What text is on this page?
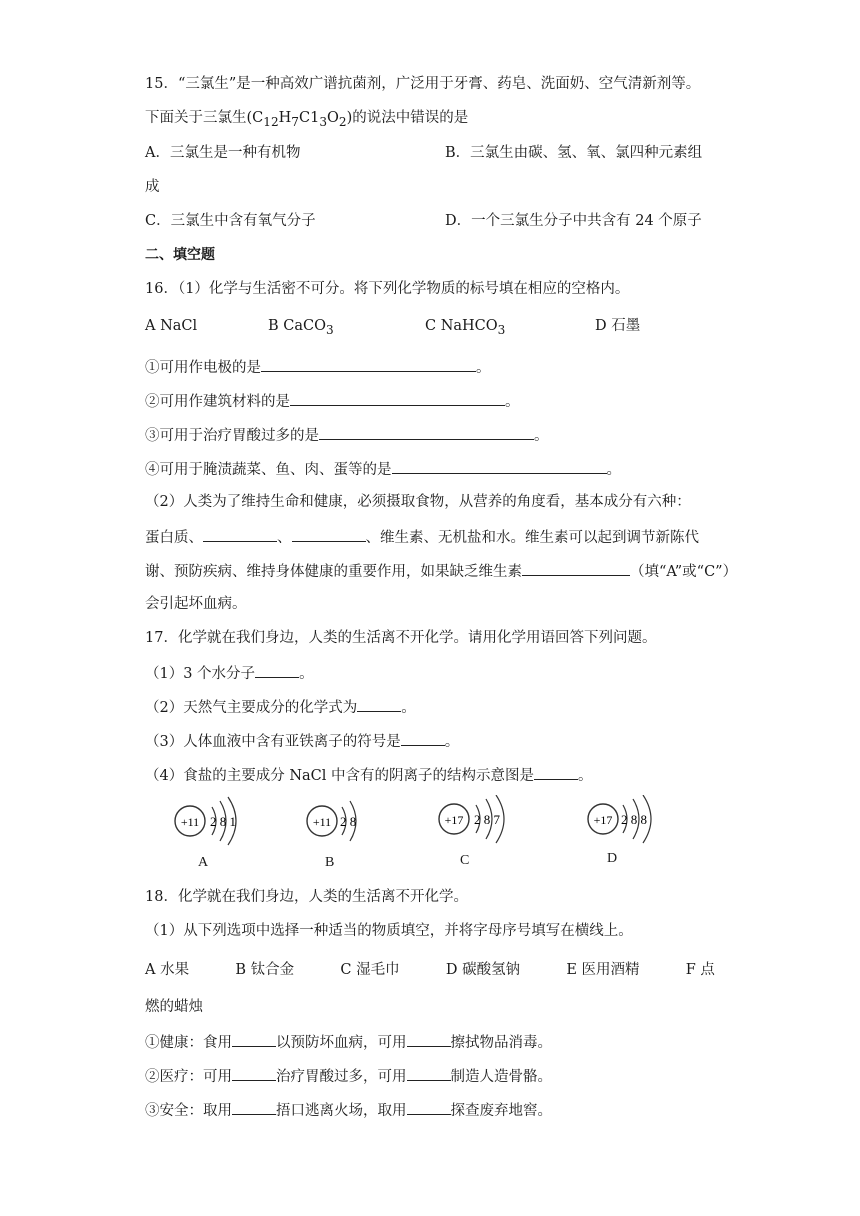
15．“三氯生”是一种高效广谱抗菌剂，广泛用于牙膏、药皂、洗面奶、空气清新剂等。
下面关于三氯生$(C_{12}H_7C1_3O_2)$的说法中错误的是
A．三氯生是一种有机物	B．三氯生由碳、氢、氧、氯四种元素组
成
C．三氯生中含有氧气分子	D．一个三氯生分子中共含有 24 个原子
二、填空题
16．（1）化学与生活密不可分。将下列化学物质的标号填在相应的空格内。
A NaCl	B CaCO$_3$	C NaHCO$_3$	D 石墨
①可用作电极的是	。
②可用作建筑材料的是	。
③可用于治疗胃酸过多的是	。
④可用于腌渍蔬菜、鱼、肉、蛋等的是	。
（2）人类为了维持生命和健康，必须摄取食物，从营养的角度看，基本成分有六种：
蛋白质、	、	、维生素、无机盐和水。维生素可以起到调节新陈代
谢、预防疾病、维持身体健康的重要作用，如果缺乏维生素	（填“A”或“C”）
会引起坏血病。
17．化学就在我们身边，人类的生活离不开化学。请用化学用语回答下列问题。
（1）3 个水分子	。
（2）天然气主要成分的化学式为	。
（3）人体血液中含有亚铁离子的符号是	。
（4）食盐的主要成分 NaCl 中含有的阴离子的结构示意图是	。
+11 2 8 1
A
+11 2 8
B
+17 2 8 7
C
+17 2 8 8
D
18．化学就在我们身边，人类的生活离不开化学。
（1）从下列选项中选择一种适当的物质填空，并将字母序号填写在横线上。
A 水果	B 钛合金	C 湿毛巾	D 碳酸氢钠	E 医用酒精	F 点
燃的蜡烛
①健康：食用	以预防坏血病，可用	擦拭物品消毒。
②医疗：可用	治疗胃酸过多，可用	制造人造骨骼。
③安全：取用	捂口逃离火场，取用	探查废弃地窖。
